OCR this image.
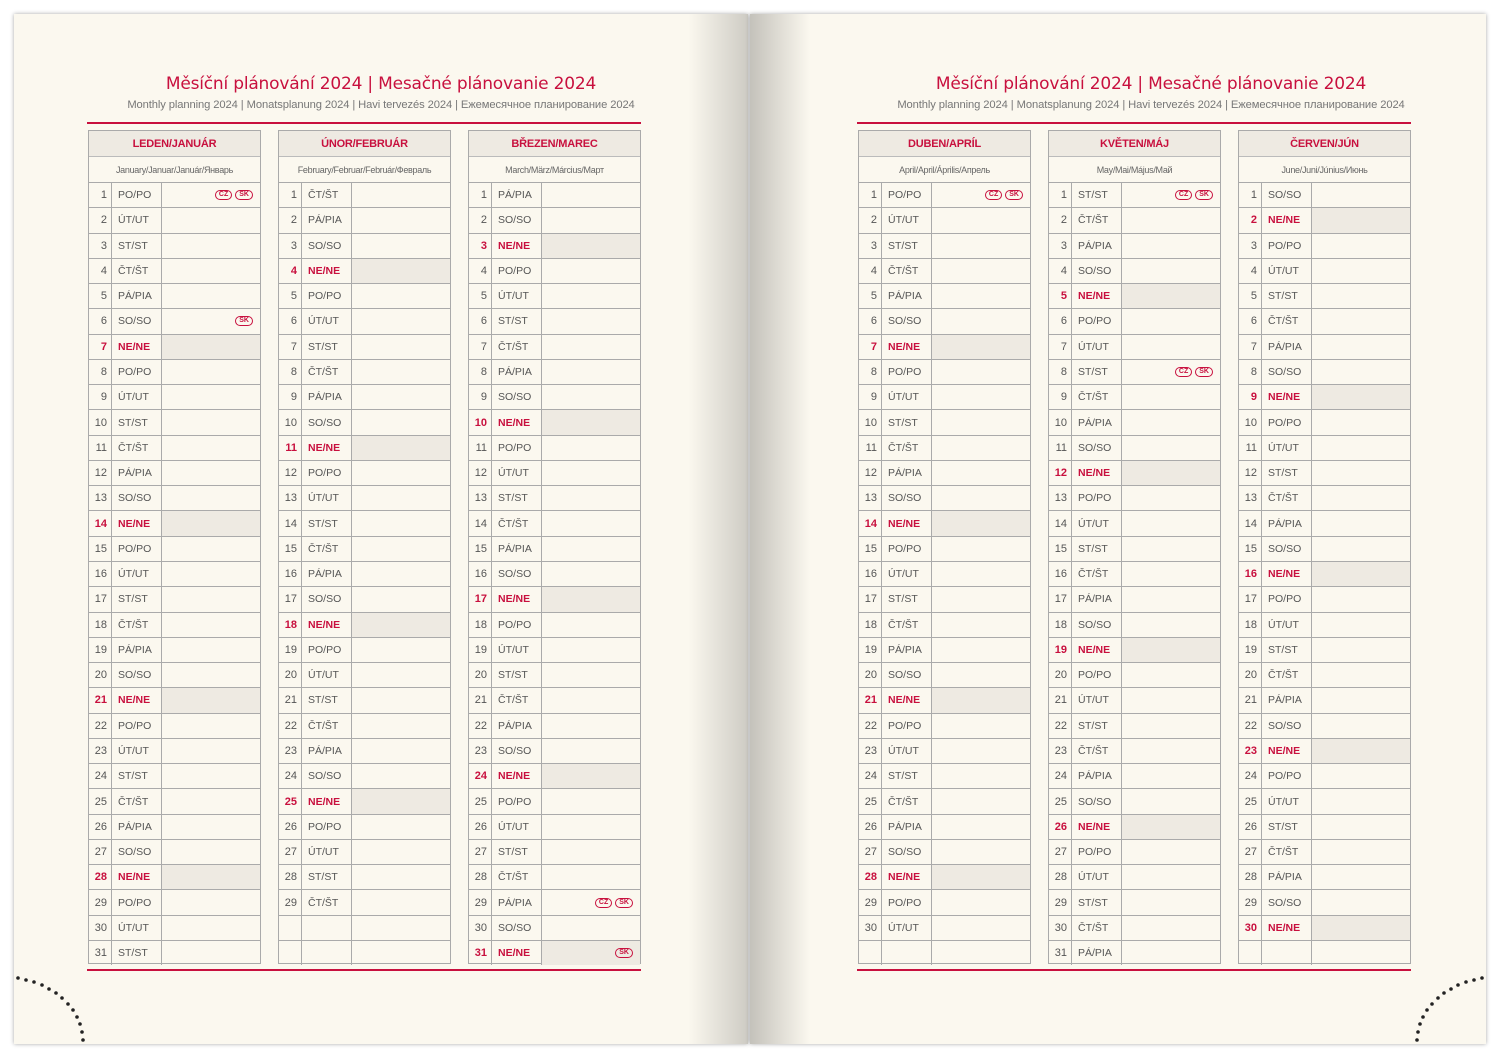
Měsíční plánování 2024 | Mesačné plánovanie 2024
Monthly planning 2024 | Monatsplanung 2024 | Havi tervezés 2024 | Ежемесячное планирование 2024
LEDEN/JANUÁR
January/Januar/Január/Январь
1	PO/PO	CZ	SK
2	ÚT/UT
3	ST/ST
4	ČT/ŠT
5	PÁ/PIA
6	SO/SO	SK
7	NE/NE
8	PO/PO
9	ÚT/UT
10	ST/ST
11	ČT/ŠT
12	PÁ/PIA
13	SO/SO
14	NE/NE
15	PO/PO
16	ÚT/UT
17	ST/ST
18	ČT/ŠT
19	PÁ/PIA
20	SO/SO
21	NE/NE
22	PO/PO
23	ÚT/UT
24	ST/ST
25	ČT/ŠT
26	PÁ/PIA
27	SO/SO
28	NE/NE
29	PO/PO
30	ÚT/UT
31	ST/ST
ÚNOR/FEBRUÁR
February/Februar/Február/Февраль
1	ČT/ŠT
2	PÁ/PIA
3	SO/SO
4	NE/NE
5	PO/PO
6	ÚT/UT
7	ST/ST
8	ČT/ŠT
9	PÁ/PIA
10	SO/SO
11	NE/NE
12	PO/PO
13	ÚT/UT
14	ST/ST
15	ČT/ŠT
16	PÁ/PIA
17	SO/SO
18	NE/NE
19	PO/PO
20	ÚT/UT
21	ST/ST
22	ČT/ŠT
23	PÁ/PIA
24	SO/SO
25	NE/NE
26	PO/PO
27	ÚT/UT
28	ST/ST
29	ČT/ŠT
BŘEZEN/MAREC
March/März/Március/Март
1	PÁ/PIA
2	SO/SO
3	NE/NE
4	PO/PO
5	ÚT/UT
6	ST/ST
7	ČT/ŠT
8	PÁ/PIA
9	SO/SO
10	NE/NE
11	PO/PO
12	ÚT/UT
13	ST/ST
14	ČT/ŠT
15	PÁ/PIA
16	SO/SO
17	NE/NE
18	PO/PO
19	ÚT/UT
20	ST/ST
21	ČT/ŠT
22	PÁ/PIA
23	SO/SO
24	NE/NE
25	PO/PO
26	ÚT/UT
27	ST/ST
28	ČT/ŠT
29	PÁ/PIA	CZ	SK
30	SO/SO
31	NE/NE	SK
Měsíční plánování 2024 | Mesačné plánovanie 2024
Monthly planning 2024 | Monatsplanung 2024 | Havi tervezés 2024 | Ежемесячное планирование 2024
DUBEN/APRÍL
April/April/Április/Апрель
1	PO/PO	CZ	SK
2	ÚT/UT
3	ST/ST
4	ČT/ŠT
5	PÁ/PIA
6	SO/SO
7	NE/NE
8	PO/PO
9	ÚT/UT
10	ST/ST
11	ČT/ŠT
12	PÁ/PIA
13	SO/SO
14	NE/NE
15	PO/PO
16	ÚT/UT
17	ST/ST
18	ČT/ŠT
19	PÁ/PIA
20	SO/SO
21	NE/NE
22	PO/PO
23	ÚT/UT
24	ST/ST
25	ČT/ŠT
26	PÁ/PIA
27	SO/SO
28	NE/NE
29	PO/PO
30	ÚT/UT
KVĚTEN/MÁJ
May/Mai/Május/Май
1	ST/ST	CZ	SK
2	ČT/ŠT
3	PÁ/PIA
4	SO/SO
5	NE/NE
6	PO/PO
7	ÚT/UT
8	ST/ST	CZ	SK
9	ČT/ŠT
10	PÁ/PIA
11	SO/SO
12	NE/NE
13	PO/PO
14	ÚT/UT
15	ST/ST
16	ČT/ŠT
17	PÁ/PIA
18	SO/SO
19	NE/NE
20	PO/PO
21	ÚT/UT
22	ST/ST
23	ČT/ŠT
24	PÁ/PIA
25	SO/SO
26	NE/NE
27	PO/PO
28	ÚT/UT
29	ST/ST
30	ČT/ŠT
31	PÁ/PIA
ČERVEN/JÚN
June/Juni/Június/Июнь
1	SO/SO
2	NE/NE
3	PO/PO
4	ÚT/UT
5	ST/ST
6	ČT/ŠT
7	PÁ/PIA
8	SO/SO
9	NE/NE
10	PO/PO
11	ÚT/UT
12	ST/ST
13	ČT/ŠT
14	PÁ/PIA
15	SO/SO
16	NE/NE
17	PO/PO
18	ÚT/UT
19	ST/ST
20	ČT/ŠT
21	PÁ/PIA
22	SO/SO
23	NE/NE
24	PO/PO
25	ÚT/UT
26	ST/ST
27	ČT/ŠT
28	PÁ/PIA
29	SO/SO
30	NE/NE
